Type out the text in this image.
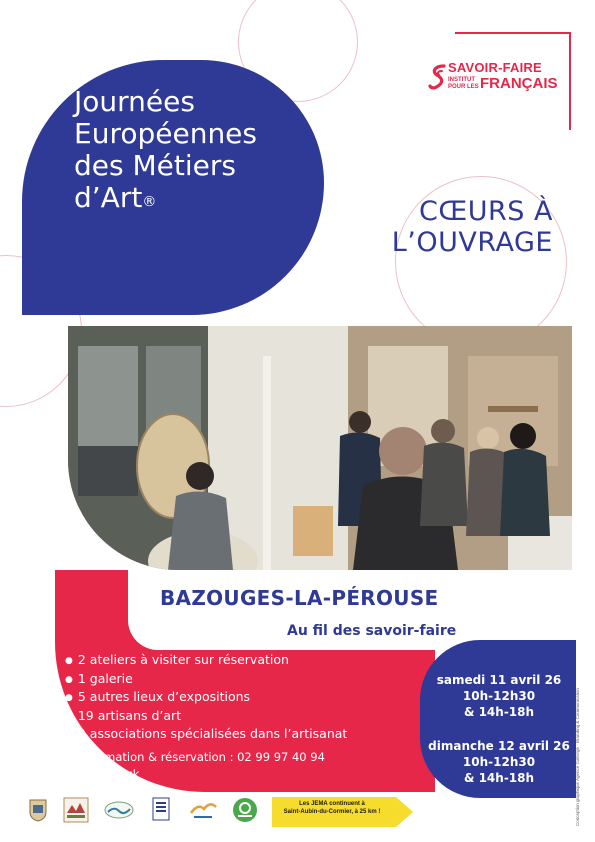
Journées
Européennes
des Métiers
d’Art®
SAVOIR-FAIRE
INSTITUT POUR LES FRANÇAIS
CŒURS À
L’OUVRAGE
BAZOUGES-LA-PÉROUSE
Au fil des savoir-faire
● 2 ateliers à visiter sur réservation
● 1 galerie
● 5 autres lieux d’expositions
● 19 artisans d’art
● 2 associations spécialisées dans l’artisanat
● Information & réservation : 02 99 97 40 94
● Food Truck
samedi 11 avril 26
10h-12h30
& 14h-18h
dimanche 12 avril 26
10h-12h30
& 14h-18h	Conception graphique Agence Gaborge · Branding & Communication
Les JEMA continuent à
Saint-Aubin-du-Cormier, à 25 km !
